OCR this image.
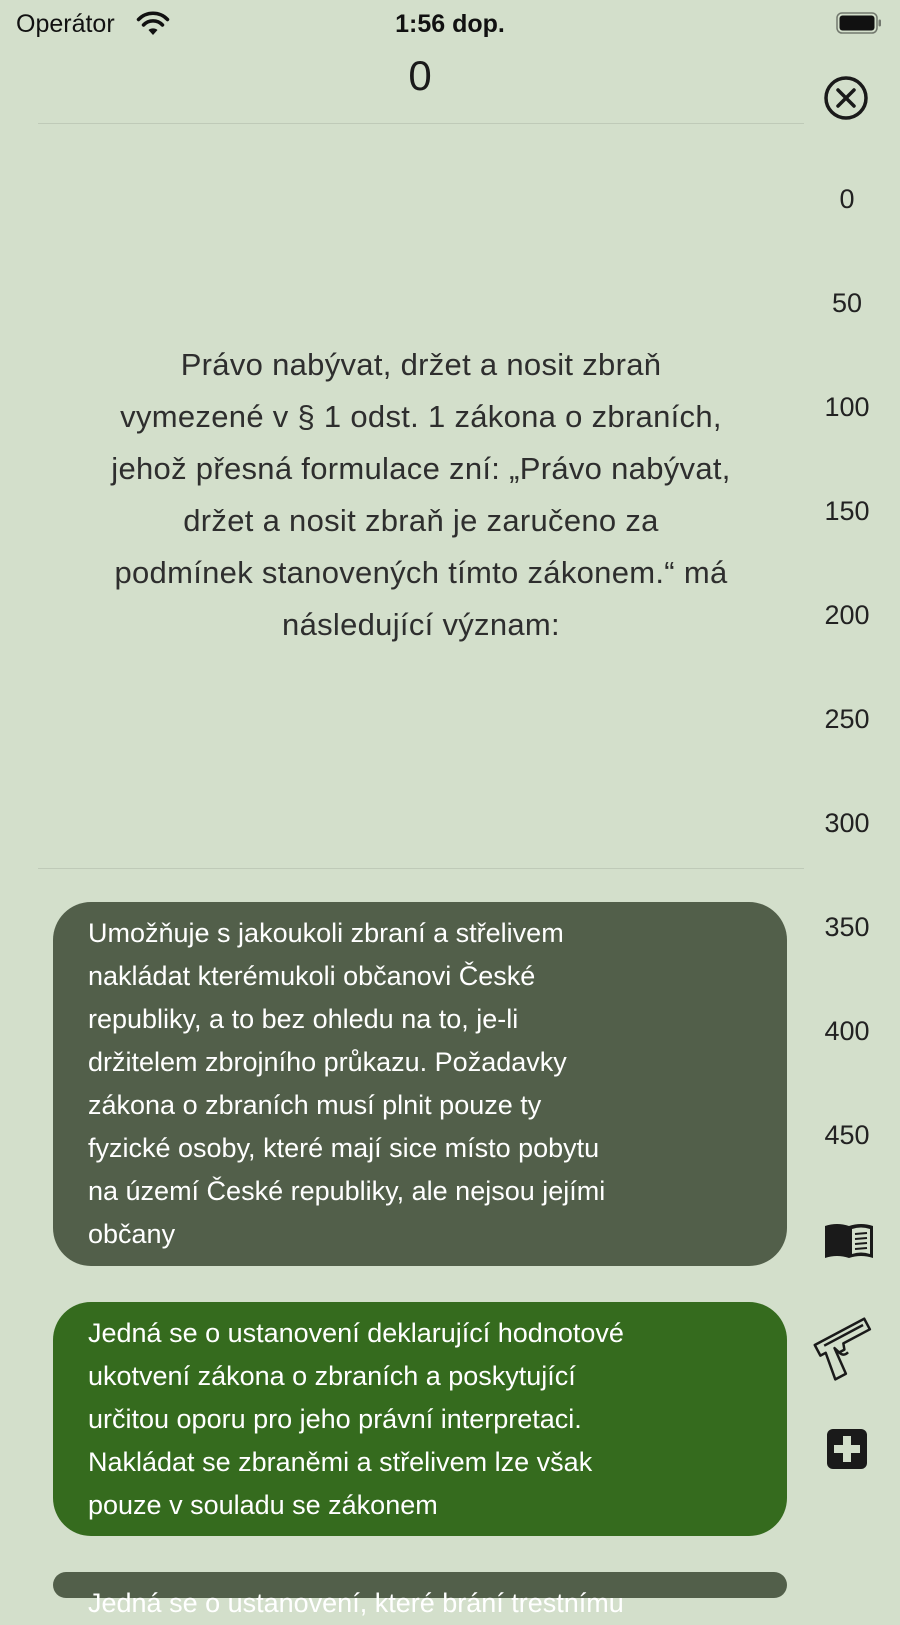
Operátor	1:56 dop.
0
Právo nabývat, držet a nosit zbraň
vymezené v § 1 odst. 1 zákona o zbraních,
jehož přesná formulace zní: „Právo nabývat,
držet a nosit zbraň je zaručeno za
podmínek stanovených tímto zákonem.“ má
následující význam:
0
50
100
150
200
250
300
350
400
450
Umožňuje s jakoukoli zbraní a střelivem
nakládat kterémukoli občanovi České
republiky, a to bez ohledu na to, je-li
držitelem zbrojního průkazu. Požadavky
zákona o zbraních musí plnit pouze ty
fyzické osoby, které mají sice místo pobytu
na území České republiky, ale nejsou jejími
občany
Jedná se o ustanovení deklarující hodnotové
ukotvení zákona o zbraních a poskytující
určitou oporu pro jeho právní interpretaci.
Nakládat se zbraněmi a střelivem lze však
pouze v souladu se zákonem
Jedná se o ustanovení, které brání trestnímu
